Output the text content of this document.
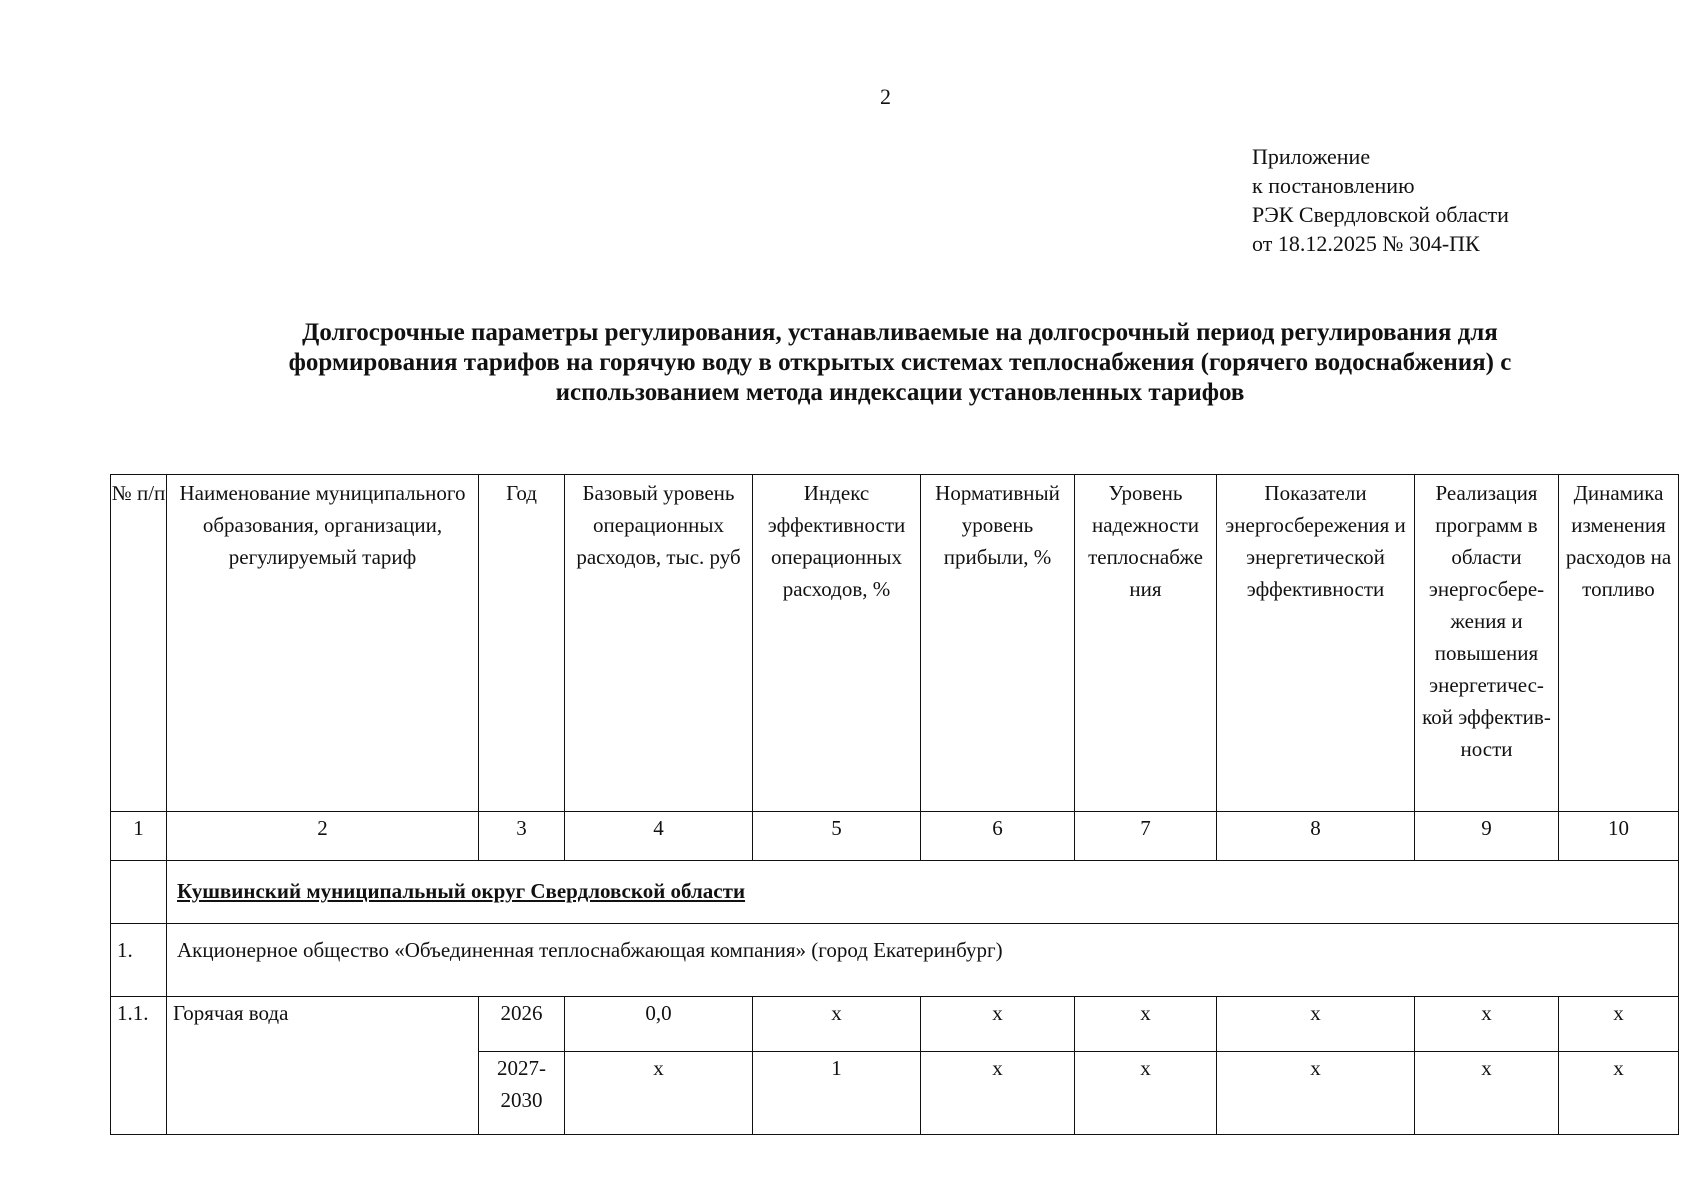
2
Приложение
к постановлению
РЭК Свердловской области
от 18.12.2025 № 304-ПК
Долгосрочные параметры регулирования, устанавливаемые на долгосрочный период регулирования для
формирования тарифов на горячую воду в открытых системах теплоснабжения (горячего водоснабжения) с
использованием метода индексации установленных тарифов
№ п/п	Наименование муниципального образования, организации, регулируемый тариф	Год	Базовый уровень операционных расходов, тыс. руб	Индекс эффективности операционных расходов, %	Нормативный уровень прибыли, %	Уровень надежности теплоснабже ния	Показатели энергосбережения и энергетической эффективности	Реализация программ в области энергосбере-жения и повышения энергетичес-кой эффектив-ности	Динамика изменения расходов на топливо
1	2	3	4	5	6	7	8	9	10

	Кушвинский муниципальный округ Свердловской области								

1.	Акционерное общество «Объединенная теплоснабжающая компания» (город Екатеринбург)								

1.1.	Горячая вода	2026	0,0	х	х	х	х	х	х
		2027-2030	х	1	х	х	х	х	х
